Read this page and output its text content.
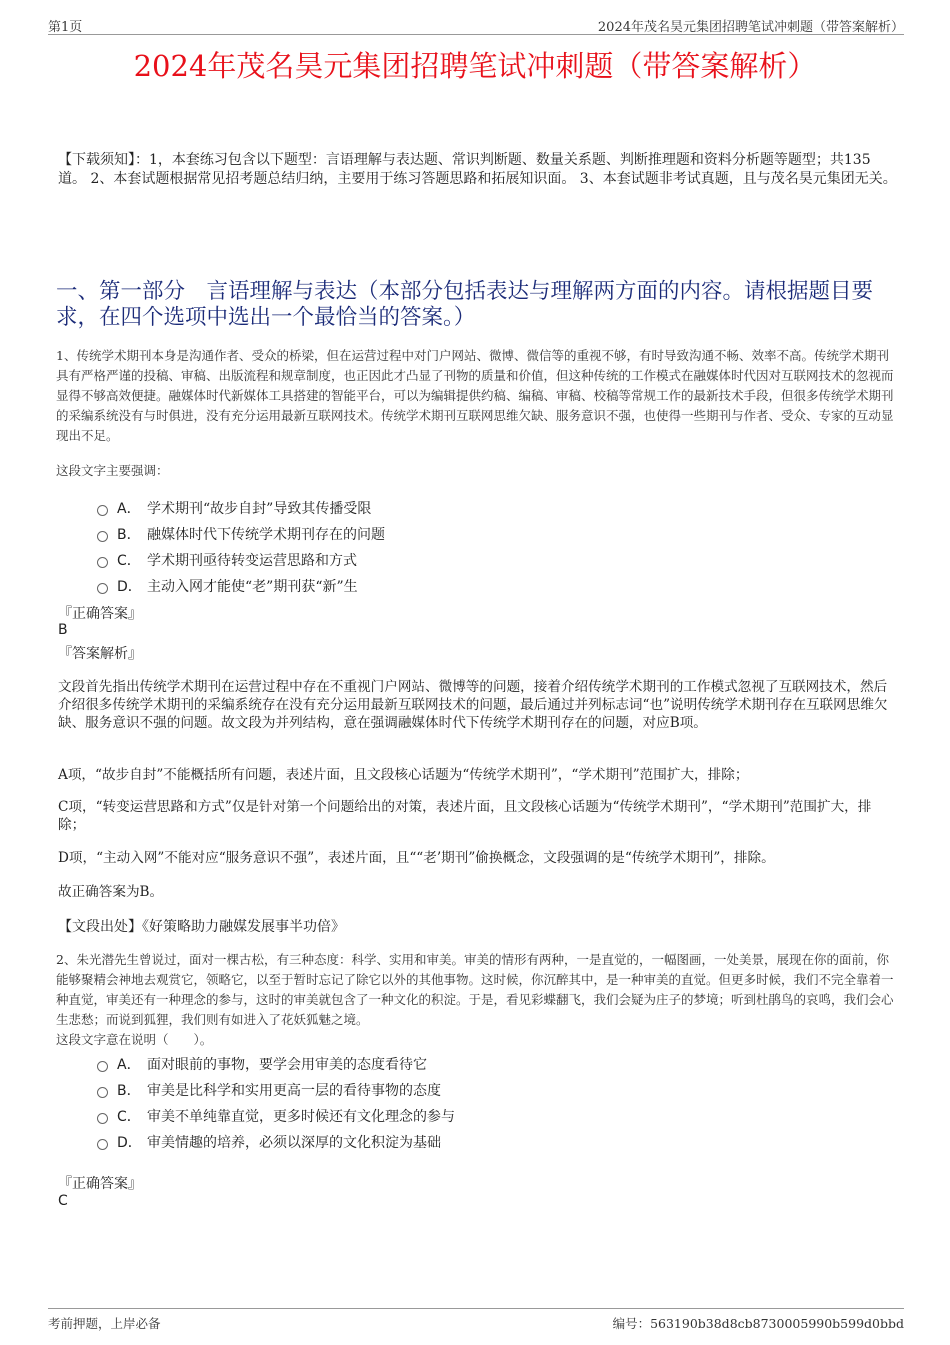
第1页	2024年茂名昊元集团招聘笔试冲刺题（带答案解析）
2024年茂名昊元集团招聘笔试冲刺题（带答案解析）
【下载须知】：1，本套练习包含以下题型：言语理解与表达题、常识判断题、数量关系题、判断推理题和资料分析题等题型；共135道。 2、本套试题根据常见招考题总结归纳，主要用于练习答题思路和拓展知识面。 3、本套试题非考试真题，且与茂名昊元集团无关。
一、第一部分　言语理解与表达（本部分包括表达与理解两方面的内容。请根据题目要求，在四个选项中选出一个最恰当的答案。）
1、传统学术期刊本身是沟通作者、受众的桥梁，但在运营过程中对门户网站、微博、微信等的重视不够，有时导致沟通不畅、效率不高。传统学术期刊具有严格严谨的投稿、审稿、出版流程和规章制度，也正因此才凸显了刊物的质量和价值，但这种传统的工作模式在融媒体时代因对互联网技术的忽视而显得不够高效便捷。融媒体时代新媒体工具搭建的智能平台，可以为编辑提供约稿、编稿、审稿、校稿等常规工作的最新技术手段，但很多传统学术期刊的采编系统没有与时俱进，没有充分运用最新互联网技术。传统学术期刊互联网思维欠缺、服务意识不强，也使得一些期刊与作者、受众、专家的互动显现出不足。
这段文字主要强调：
A． 学术期刊“故步自封”导致其传播受限
B． 融媒体时代下传统学术期刊存在的问题
C． 学术期刊亟待转变运营思路和方式
D． 主动入网才能使“老”期刊获“新”生
『正确答案』
B
『答案解析』
文段首先指出传统学术期刊在运营过程中存在不重视门户网站、微博等的问题，接着介绍传统学术期刊的工作模式忽视了互联网技术，然后介绍很多传统学术期刊的采编系统存在没有充分运用最新互联网技术的问题，最后通过并列标志词“也”说明传统学术期刊存在互联网思维欠缺、服务意识不强的问题。故文段为并列结构，意在强调融媒体时代下传统学术期刊存在的问题，对应B项。
A项，“故步自封”不能概括所有问题，表述片面，且文段核心话题为“传统学术期刊”，“学术期刊”范围扩大，排除；
C项，“转变运营思路和方式”仅是针对第一个问题给出的对策，表述片面，且文段核心话题为“传统学术期刊”，“学术期刊”范围扩大，排除；
D项，“主动入网”不能对应“服务意识不强”，表述片面，且““老’期刊”偷换概念，文段强调的是“传统学术期刊”，排除。
故正确答案为B。
【文段出处】《好策略助力融媒发展事半功倍》
2、朱光潜先生曾说过，面对一棵古松，有三种态度：科学、实用和审美。审美的情形有两种，一是直觉的，一幅图画，一处美景，展现在你的面前，你能够聚精会神地去观赏它，领略它，以至于暂时忘记了除它以外的其他事物。这时候，你沉醉其中，是一种审美的直觉。但更多时候，我们不完全靠着一种直觉，审美还有一种理念的参与，这时的审美就包含了一种文化的积淀。于是，看见彩蝶翻飞，我们会疑为庄子的梦境；听到杜鹃鸟的哀鸣，我们会心生悲愁；而说到狐狸，我们则有如进入了花妖狐魅之境。
这段文字意在说明（　　）。
A． 面对眼前的事物，要学会用审美的态度看待它
B． 审美是比科学和实用更高一层的看待事物的态度
C． 审美不单纯靠直觉，更多时候还有文化理念的参与
D． 审美情趣的培养，必须以深厚的文化积淀为基础
『正确答案』
C
考前押题，上岸必备	编号：563190b38d8cb8730005990b599d0bbd
